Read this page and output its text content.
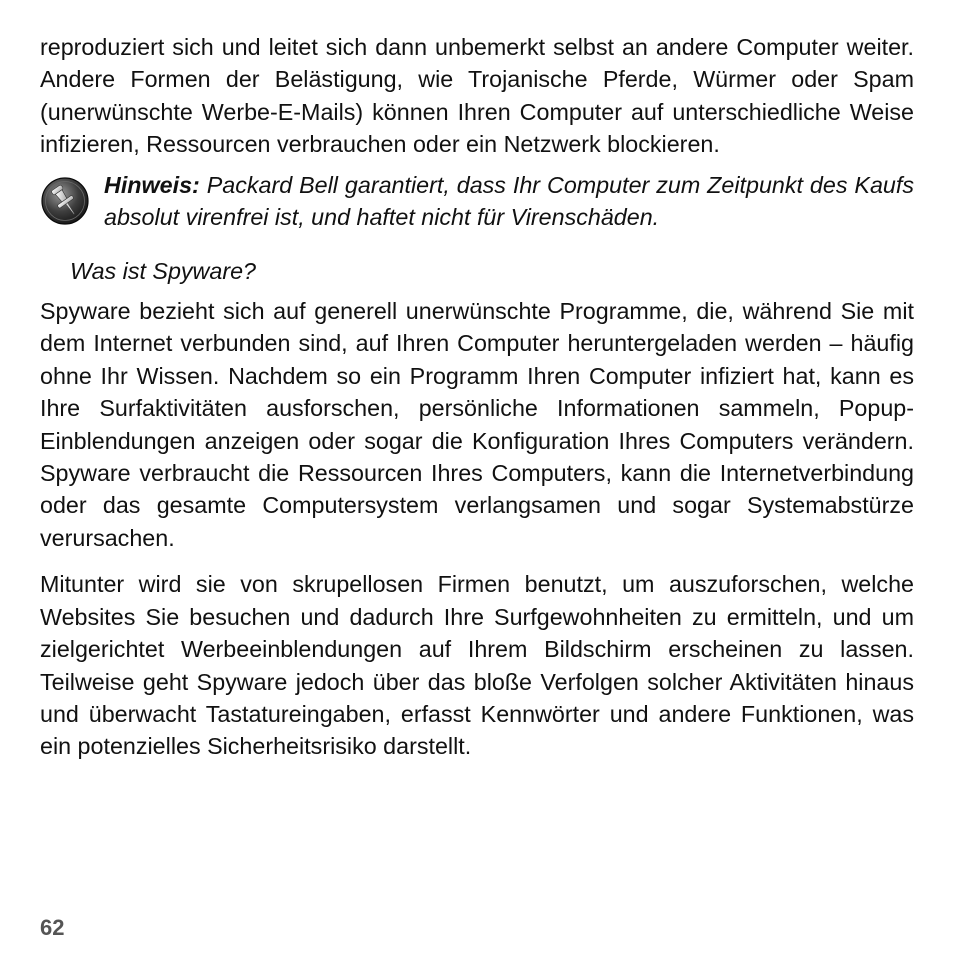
reproduziert sich und leitet sich dann unbemerkt selbst an andere Computer weiter. Andere Formen der Belästigung, wie Trojanische Pferde, Würmer oder Spam (unerwünschte Werbe-E-Mails) können Ihren Computer auf unterschiedliche Weise infizieren, Ressourcen verbrauchen oder ein Netzwerk blockieren.

Hinweis: Packard Bell garantiert, dass Ihr Computer zum Zeitpunkt des Kaufs absolut virenfrei ist, und haftet nicht für Virenschäden.

Was ist Spyware?

Spyware bezieht sich auf generell unerwünschte Programme, die, während Sie mit dem Internet verbunden sind, auf Ihren Computer heruntergeladen werden – häufig ohne Ihr Wissen. Nachdem so ein Programm Ihren Computer infiziert hat, kann es Ihre Surfaktivitäten ausforschen, persönliche Informationen sammeln, Popup-Einblendungen anzeigen oder sogar die Konfiguration Ihres Computers verändern. Spyware verbraucht die Ressourcen Ihres Computers, kann die Internetverbindung oder das gesamte Computersystem verlangsamen und sogar Systemabstürze verursachen.

Mitunter wird sie von skrupellosen Firmen benutzt, um auszuforschen, welche Websites Sie besuchen und dadurch Ihre Surfgewohnheiten zu ermitteln, und um zielgerichtet Werbeeinblendungen auf Ihrem Bildschirm erscheinen zu lassen. Teilweise geht Spyware jedoch über das bloße Verfolgen solcher Aktivitäten hinaus und überwacht Tastatureingaben, erfasst Kennwörter und andere Funktionen, was ein potenzielles Sicherheitsrisiko darstellt.

62
